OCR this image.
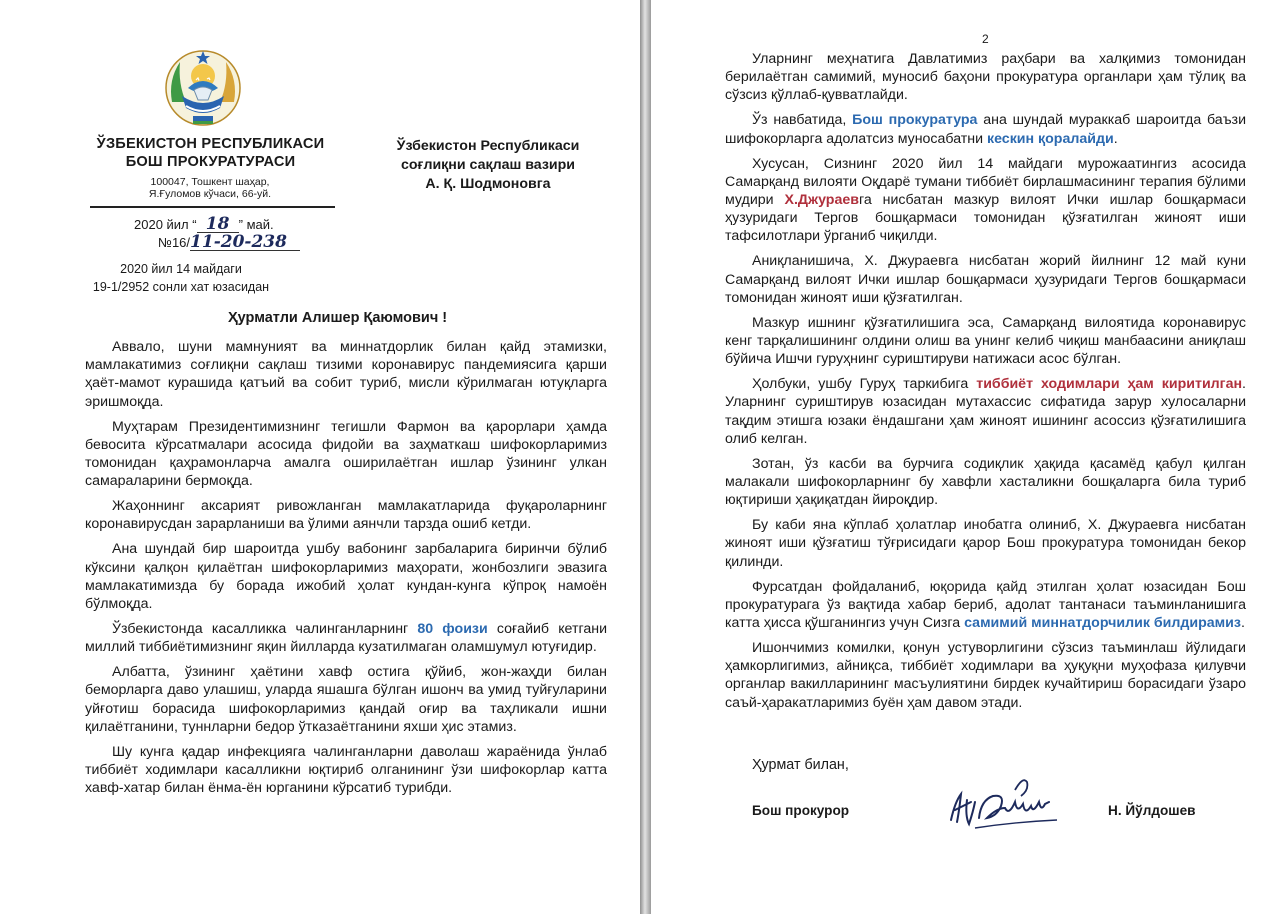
ЎЗБЕКИСТОН РЕСПУБЛИКАСИ
БОШ ПРОКУРАТУРАСИ
100047, Тошкент шаҳар,
Я.Ғуломов кўчаси, 66-уй.
Ўзбекистон Республикаси
соғлиқни сақлаш вазири
А. Қ. Шодмоновга
2020 йил “ 18 ” май.
№16/11-20-238
2020 йил 14 майдаги
19-1/2952 сонли хат юзасидан
Ҳурматли Алишер Қаюмович !

Аввало, шуни мамнуният ва миннатдорлик билан қайд этамизки, мамлакатимиз соғлиқни сақлаш тизими коронавирус пандемиясига қарши ҳаёт-мамот курашида қатъий ва собит туриб, мисли кўрилмаган ютуқларга эришмоқда.

Муҳтарам Президентимизнинг тегишли Фармон ва қарорлари ҳамда бевосита кўрсатмалари асосида фидойи ва заҳматкаш шифокорларимиз томонидан қаҳрамонларча амалга оширилаётган ишлар ўзининг улкан самараларини бермоқда.

Жаҳоннинг аксарият ривожланган мамлакатларида фуқароларнинг коронавирусдан зарарланиши ва ўлими аянчли тарзда ошиб кетди.

Ана шундай бир шароитда ушбу вабонинг зарбаларига биринчи бўлиб кўксини қалқон қилаётган шифокорларимиз маҳорати, жонбозлиги эвазига мамлакатимизда бу борада ижобий ҳолат кундан-кунга кўпроқ намоён бўлмоқда.

Ўзбекистонда касалликка чалинганларнинг 80 фоизи соғайиб кетгани миллий тиббиётимизнинг яқин йилларда кузатилмаган оламшумул ютуғидир.

Албатта, ўзининг ҳаётини хавф остига қўйиб, жон-жаҳди билан беморларга даво улашиш, уларда яшашга бўлган ишонч ва умид туйғуларини уйғотиш борасида шифокорларимиз қандай оғир ва таҳликали ишни қилаётганини, туннларни бедор ўтказаётганини яхши ҳис этамиз.

Шу кунга қадар инфекцияга чалинганларни даволаш жараёнида ўнлаб тиббиёт ходимлари касалликни юқтириб олганининг ўзи шифокорлар катта хавф-хатар билан ёнма-ён юрганини кўрсатиб турибди.

2

Уларнинг меҳнатига Давлатимиз раҳбари ва халқимиз томонидан берилаётган самимий, муносиб баҳони прокуратура органлари ҳам тўлиқ ва сўзсиз қўллаб-қувватлайди.

Ўз навбатида, Бош прокуратура ана шундай мураккаб шароитда баъзи шифокорларга адолатсиз муносабатни кескин қоралайди.

Хусусан, Сизнинг 2020 йил 14 майдаги мурожаатингиз асосида Самарқанд вилояти Оқдарё тумани тиббиёт бирлашмасининг терапия бўлими мудири Х.Джураевга нисбатан мазкур вилоят Ички ишлар бошқармаси ҳузуридаги Тергов бошқармаси томонидан қўзғатилган жиноят иши тафсилотлари ўрганиб чиқилди.

Аниқланишича, Х. Джураевга нисбатан жорий йилнинг 12 май куни Самарқанд вилоят Ички ишлар бошқармаси ҳузуридаги Тергов бошқармаси томонидан жиноят иши қўзғатилган.

Мазкур ишнинг қўзғатилишига эса, Самарқанд вилоятида коронавирус кенг тарқалишининг олдини олиш ва унинг келиб чиқиш манбаасини аниқлаш бўйича Ишчи гуруҳнинг суриштируви натижаси асос бўлган.

Ҳолбуки, ушбу Гуруҳ таркибига тиббиёт ходимлари ҳам киритилган. Уларнинг суриштирув юзасидан мутахассис сифатида зарур хулосаларни тақдим этишга юзаки ёндашгани ҳам жиноят ишининг асоссиз қўзғатилишига олиб келган.

Зотан, ўз касби ва бурчига содиқлик ҳақида қасамёд қабул қилган малакали шифокорларнинг бу хавфли хасталикни бошқаларга била туриб юқтириши ҳақиқатдан йироқдир.

Бу каби яна кўплаб ҳолатлар инобатга олиниб, Х. Джураевга нисбатан жиноят иши қўзғатиш тўғрисидаги қарор Бош прокуратура томонидан бекор қилинди.

Фурсатдан фойдаланиб, юқорида қайд этилган ҳолат юзасидан Бош прокуратурага ўз вақтида хабар бериб, адолат тантанаси таъминланишига катта ҳисса қўшганингиз учун Сизга самимий миннатдорчилик билдирамиз.

Ишончимиз комилки, қонун устуворлигини сўзсиз таъминлаш йўлидаги ҳамкорлигимиз, айниқса, тиббиёт ходимлари ва ҳуқуқни муҳофаза қилувчи органлар вакилларининг масъулиятини бирдек кучайтириш борасидаги ўзаро саъй-ҳаракатларимиз буён ҳам давом этади.

Ҳурмат билан,
Бош прокурор	Н. Йўлдошев
